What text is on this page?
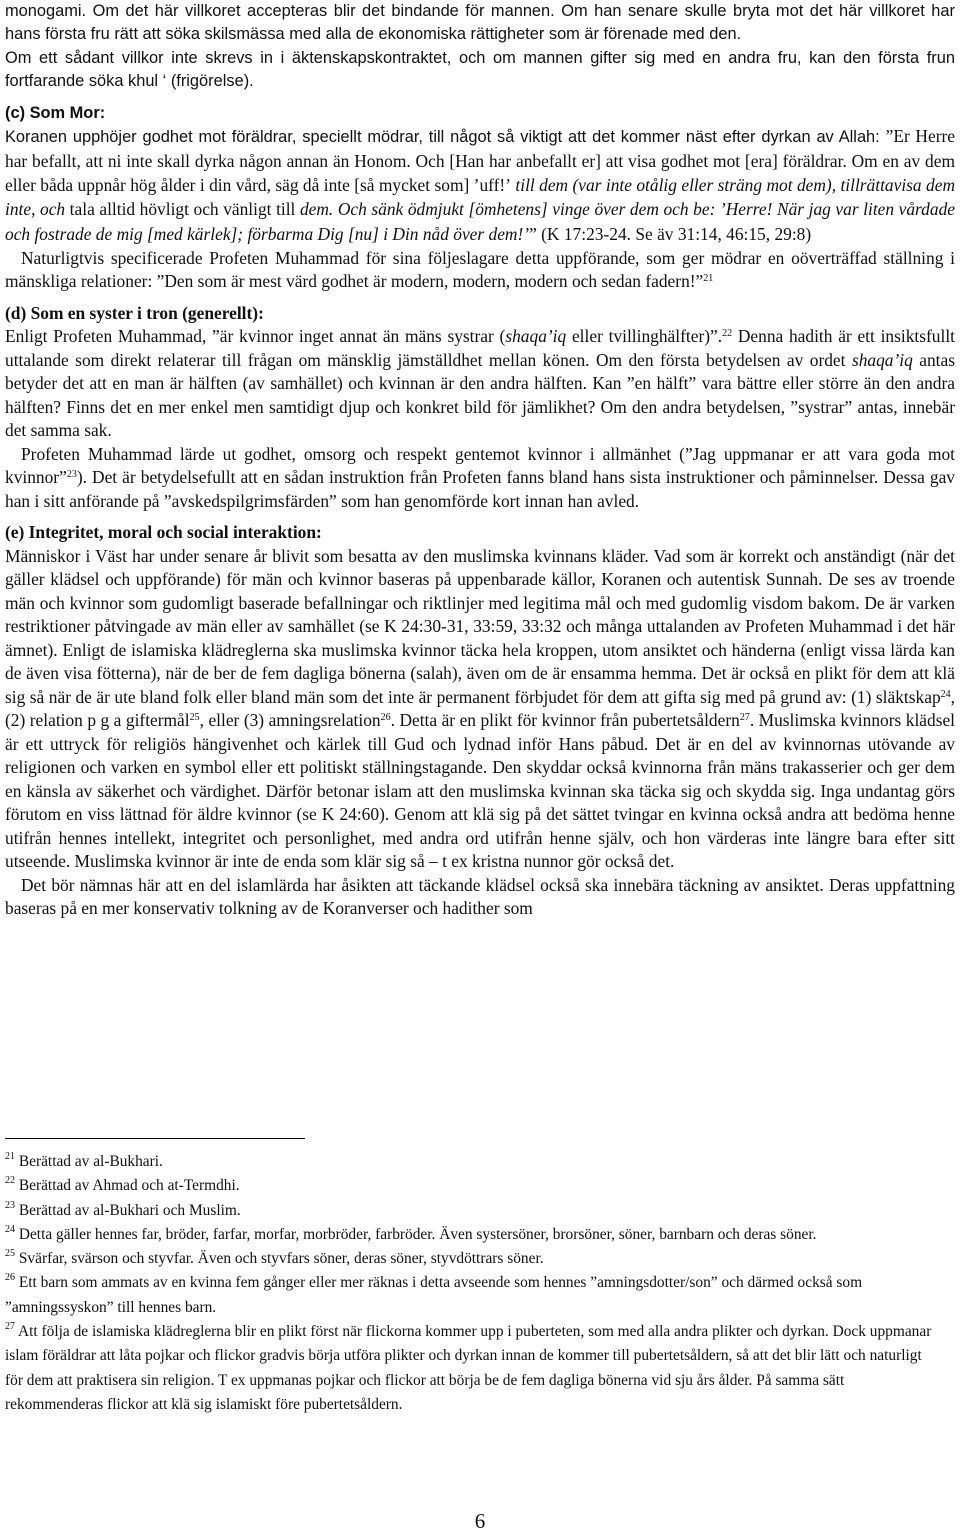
monogami. Om det här villkoret accepteras blir det bindande för mannen. Om han senare skulle bryta mot det här villkoret har hans första fru rätt att söka skilsmässa med alla de ekonomiska rättigheter som är förenade med den.

Om ett sådant villkor inte skrevs in i äktenskapskontraktet, och om mannen gifter sig med en andra fru, kan den första frun fortfarande söka khul ‘ (frigörelse).

(c) Som Mor:

Koranen upphöjer godhet mot föräldrar, speciellt mödrar, till något så viktigt att det kommer näst efter dyrkan av Allah: ”Er Herre har befallt, att ni inte skall dyrka någon annan än Honom. Och [Han har anbefallt er] att visa godhet mot [era] föräldrar. Om en av dem eller båda uppnår hög ålder i din vård, säg då inte [så mycket som] ’uff!’ till dem (var inte otålig eller sträng mot dem), tillrättavisa dem inte, och tala alltid hövligt och vänligt till dem. Och sänk ödmjukt [ömhetens] vinge över dem och be: ’Herre! När jag var liten vårdade och fostrade de mig [med kärlek]; förbarma Dig [nu] i Din nåd över dem!’” (K 17:23-24. Se äv 31:14, 46:15, 29:8)

Naturligtvis specificerade Profeten Muhammad för sina följeslagare detta uppförande, som ger mödrar en oöverträffad ställning i mänskliga relationer: ”Den som är mest värd godhet är modern, modern, modern och sedan fadern!”$^{21}$

(d) Som en syster i tron (generellt):

Enligt Profeten Muhammad, ”är kvinnor inget annat än mäns systrar (shaqa’iq eller tvillinghälfter)”.$^{22}$ Denna hadith är ett insiktsfullt uttalande som direkt relaterar till frågan om mänsklig jämställdhet mellan könen. Om den första betydelsen av ordet shaqa’iq antas betyder det att en man är hälften (av samhället) och kvinnan är den andra hälften. Kan ”en hälft” vara bättre eller större än den andra hälften? Finns det en mer enkel men samtidigt djup och konkret bild för jämlikhet? Om den andra betydelsen, ”systrar” antas, innebär det samma sak.

Profeten Muhammad lärde ut godhet, omsorg och respekt gentemot kvinnor i allmänhet (”Jag uppmanar er att vara goda mot kvinnor”$^{23}$). Det är betydelsefullt att en sådan instruktion från Profeten fanns bland hans sista instruktioner och påminnelser. Dessa gav han i sitt anförande på ”avskedspilgrimsfärden” som han genomförde kort innan han avled.

(e) Integritet, moral och social interaktion:

Människor i Väst har under senare år blivit som besatta av den muslimska kvinnans kläder. Vad som är korrekt och anständigt (när det gäller klädsel och uppförande) för män och kvinnor baseras på uppenbarade källor, Koranen och autentisk Sunnah. De ses av troende män och kvinnor som gudomligt baserade befallningar och riktlinjer med legitima mål och med gudomlig visdom bakom. De är varken restriktioner påtvingade av män eller av samhället (se K 24:30-31, 33:59, 33:32 och många uttalanden av Profeten Muhammad i det här ämnet). Enligt de islamiska klädreglerna ska muslimska kvinnor täcka hela kroppen, utom ansiktet och händerna (enligt vissa lärda kan de även visa fötterna), när de ber de fem dagliga bönerna (salah), även om de är ensamma hemma. Det är också en plikt för dem att klä sig så när de är ute bland folk eller bland män som det inte är permanent förbjudet för dem att gifta sig med på grund av: (1) släktskap$^{24}$, (2) relation p g a giftermål$^{25}$, eller (3) amningsrelation$^{26}$. Detta är en plikt för kvinnor från pubertetsåldern$^{27}$. Muslimska kvinnors klädsel är ett uttryck för religiös hängivenhet och kärlek till Gud och lydnad inför Hans påbud. Det är en del av kvinnornas utövande av religionen och varken en symbol eller ett politiskt ställningstagande. Den skyddar också kvinnorna från mäns trakasserier och ger dem en känsla av säkerhet och värdighet. Därför betonar islam att den muslimska kvinnan ska täcka sig och skydda sig. Inga undantag görs förutom en viss lättnad för äldre kvinnor (se K 24:60). Genom att klä sig på det sättet tvingar en kvinna också andra att bedöma henne utifrån hennes intellekt, integritet och personlighet, med andra ord utifrån henne själv, och hon värderas inte längre bara efter sitt utseende. Muslimska kvinnor är inte de enda som klär sig så – t ex kristna nunnor gör också det.

Det bör nämnas här att en del islamlärda har åsikten att täckande klädsel också ska innebära täckning av ansiktet. Deras uppfattning baseras på en mer konservativ tolkning av de Koranverser och hadither som

$^{21}$ Berättad av al-Bukhari.

$^{22}$ Berättad av Ahmad och at-Termdhi.

$^{23}$ Berättad av al-Bukhari och Muslim.

$^{24}$ Detta gäller hennes far, bröder, farfar, morfar, morbröder, farbröder. Även systersöner, brorsöner, söner, barnbarn och deras söner.

$^{25}$ Svärfar, svärson och styvfar. Även och styvfars söner, deras söner, styvdöttrars söner.

$^{26}$ Ett barn som ammats av en kvinna fem gånger eller mer räknas i detta avseende som hennes ”amningsdotter/son” och därmed också som ”amningssyskon” till hennes barn.

$^{27}$ Att följa de islamiska klädreglerna blir en plikt först när flickorna kommer upp i puberteten, som med alla andra plikter och dyrkan. Dock uppmanar islam föräldrar att låta pojkar och flickor gradvis börja utföra plikter och dyrkan innan de kommer till pubertetsåldern, så att det blir lätt och naturligt för dem att praktisera sin religion. T ex uppmanas pojkar och flickor att börja be de fem dagliga bönerna vid sju års ålder. På samma sätt rekommenderas flickor att klä sig islamiskt före pubertetsåldern.

6
